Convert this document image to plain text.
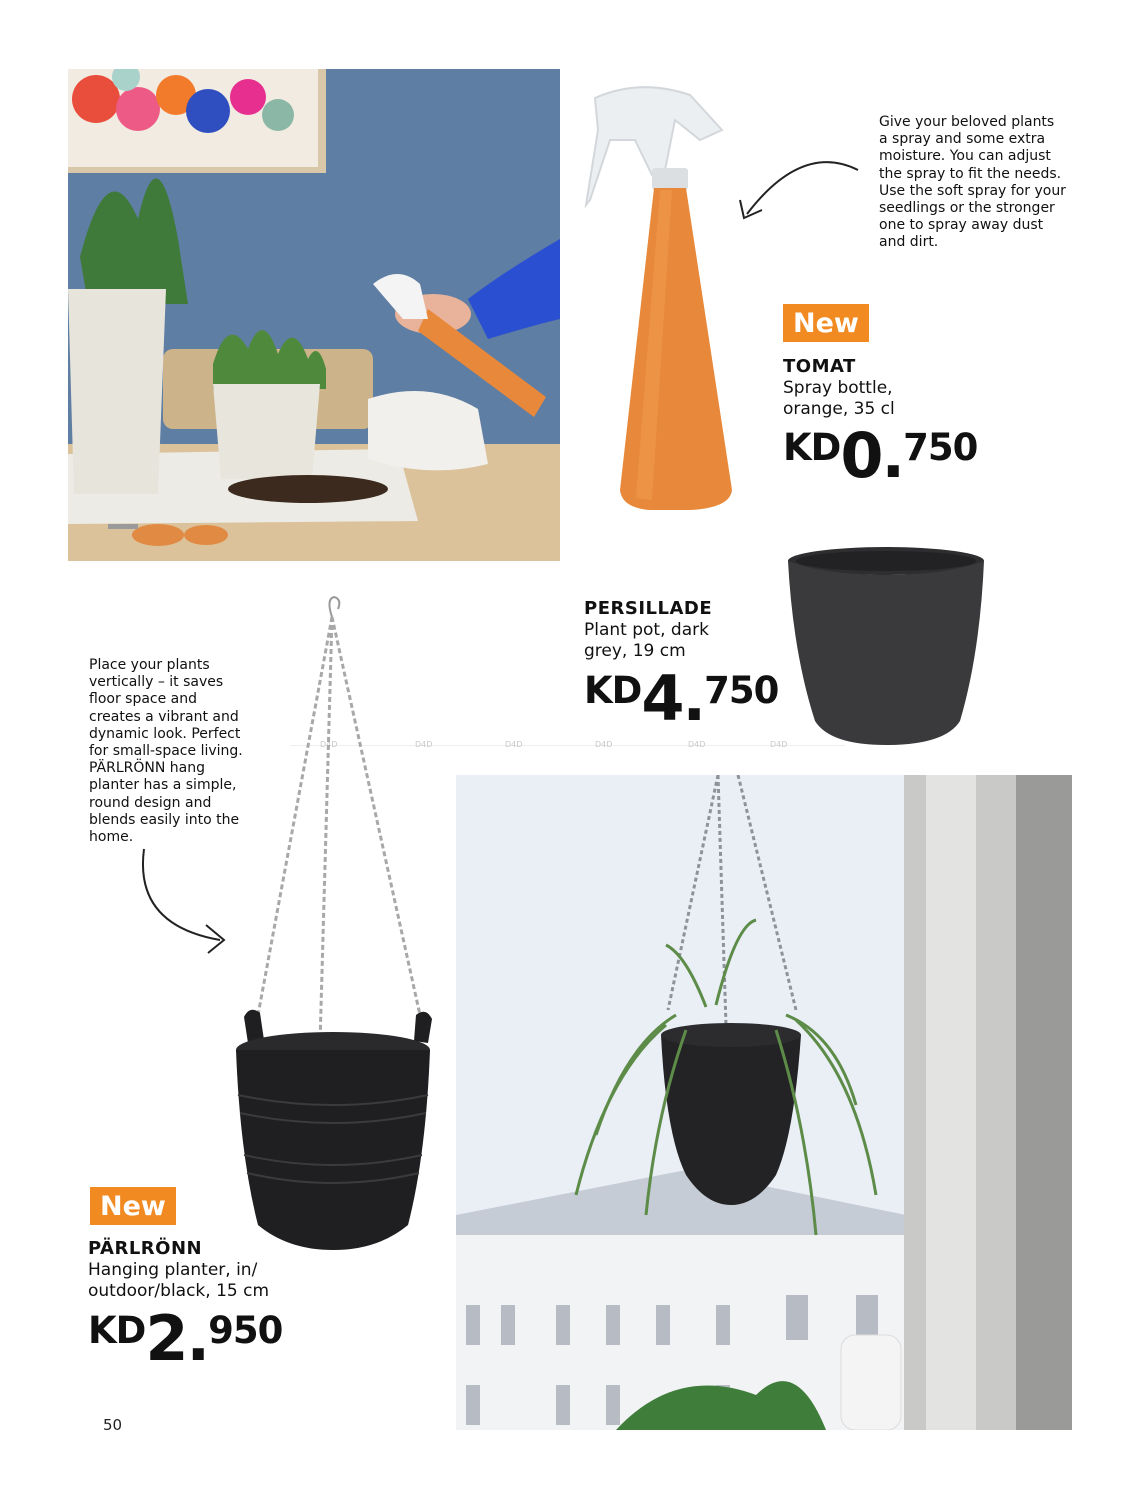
Give your beloved plants a spray and some extra moisture. You can adjust the spray to fit the needs. Use the soft spray for your seedlings or the stronger one to spray away dust and dirt.
New
TOMAT
Spray bottle,
orange, 35 cl
KD0.750
PERSILLADE
Plant pot, dark
grey, 19 cm
KD4.750
D4D	D4D	D4D	D4D	D4D	D4D
Place your plants vertically – it saves floor space and creates a vibrant and dynamic look. Perfect for small-space living. PÄRLRÖNN hang planter has a simple, round design and blends easily into the home.
New
PÄRLRÖNN
Hanging planter, in/
outdoor/black, 15 cm
KD2.950
50
